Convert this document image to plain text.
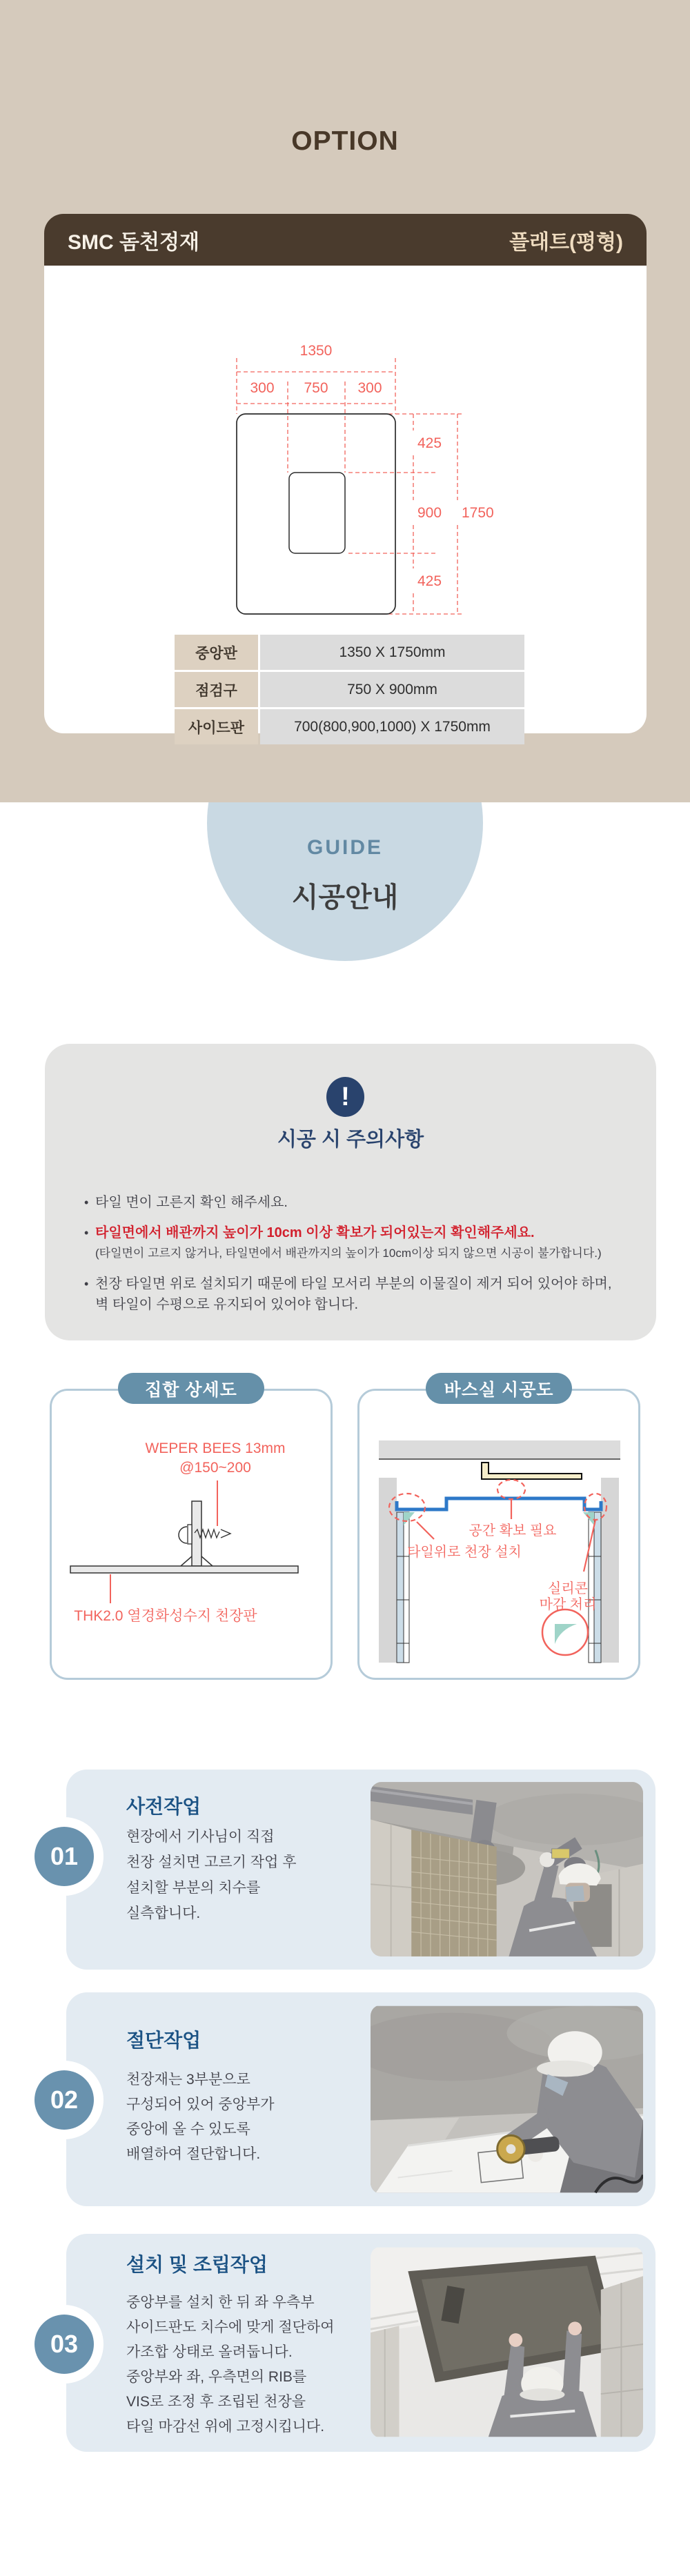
GUIDE
시공안내
OPTION
SMC 돔천정재	플래트(평형)
1350
300 750 300
425
900
425
1750
중앙판	1350 X 1750mm
점검구	750 X 900mm
사이드판	700(800,900,1000) X 1750mm
!
시공 시 주의사항
• 타일 면이 고른지 확인 해주세요.
• 타일면에서 배관까지 높이가 10cm 이상 확보가 되어있는지 확인해주세요.
(타일면이 고르지 않거나, 타일면에서 배관까지의 높이가 10cm이상 되지 않으면 시공이 불가합니다.)
• 천장 타일면 위로 설치되기 때문에 타일 모서리 부분의 이물질이 제거 되어 있어야 하며,
벽 타일이 수평으로 유지되어 있어야 합니다.
집합 상세도
WEPER BEES 13mm
@150~200
THK2.0 열경화성수지 천장판
바스실 시공도
공간 확보 필요
타일위로 천장 설치
실리콘
마감 처리
01
사전작업
현장에서 기사님이 직접
천장 설치면 고르기 작업 후
설치할 부분의 치수를
실측합니다.
02
절단작업
천장재는 3부분으로
구성되어 있어 중앙부가
중앙에 올 수 있도록
배열하여 절단합니다.
03
설치 및 조립작업
중앙부를 설치 한 뒤 좌 우측부
사이드판도 치수에 맞게 절단하여
가조합 상태로 올려둡니다.
중앙부와 좌, 우측면의 RIB를
VIS로 조정 후 조립된 천장을
타일 마감선 위에 고정시킵니다.
